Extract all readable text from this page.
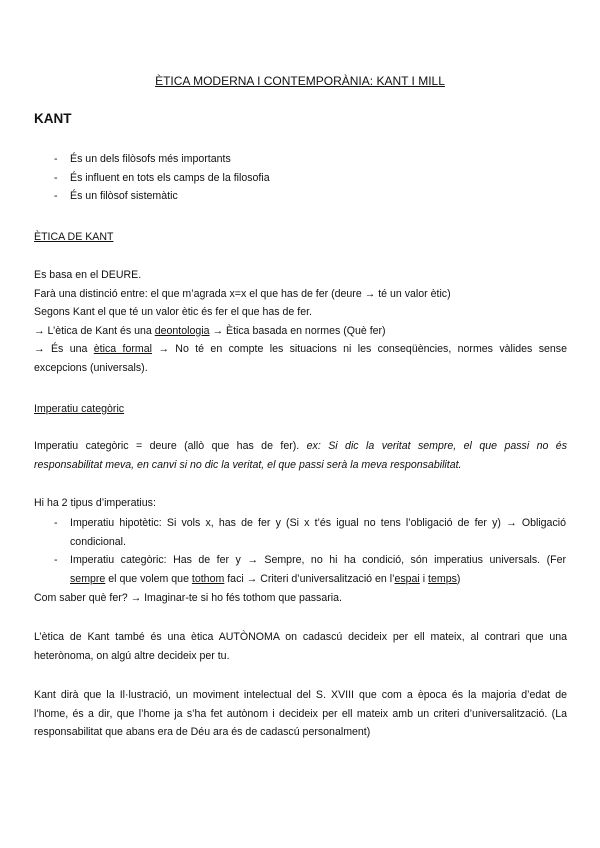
ÈTICA MODERNA I CONTEMPORÀNIA: KANT I MILL
KANT
- És un dels filòsofs més importants
- És influent en tots els camps de la filosofia
- És un filòsof sistemàtic
ÈTICA DE KANT

Es basa en el DEURE.

Farà una distinció entre: el que m’agrada x=x el que has de fer (deure → té un valor ètic)

Segons Kant el que té un valor ètic és fer el que has de fer.

→ L’ètica de Kant és una deontologia → Ètica basada en normes (Què fer)

→ És una ètica formal → No té en compte les situacions ni les conseqüències, normes vàlides sense

excepcions (universals).

Imperatiu categòric

Imperatiu categòric = deure (allò que has de fer). ex: Si dic la veritat sempre, el que passi no és

responsabilitat meva, en canvi si no dic la veritat, el que passi serà la meva responsabilitat.

Hi ha 2 tipus d’imperatius:

- Imperatiu hipotètic: Si vols x, has de fer y (Si x t’és igual no tens l’obligació de fer y) → Obligació

condicional.

- Imperatiu categòric: Has de fer y → Sempre, no hi ha condició, són imperatius universals. (Fer

sempre el que volem que tothom faci → Criteri d’universalització en l’espai i temps)

Com saber què fer? → Imaginar-te si ho fés tothom que passaria.

L’ètica de Kant també és una ètica AUTÒNOMA on cadascú decideix per ell mateix, al contrari que una

heterònoma, on algú altre decideix per tu.

Kant dirà que la Il·lustració, un moviment intelectual del S. XVIII que com a època és la majoria d’edat de

l’home, és a dir, que l’home ja s’ha fet autònom i decideix per ell mateix amb un criteri d’universalització. (La

responsabilitat que abans era de Déu ara és de cadascú personalment)
